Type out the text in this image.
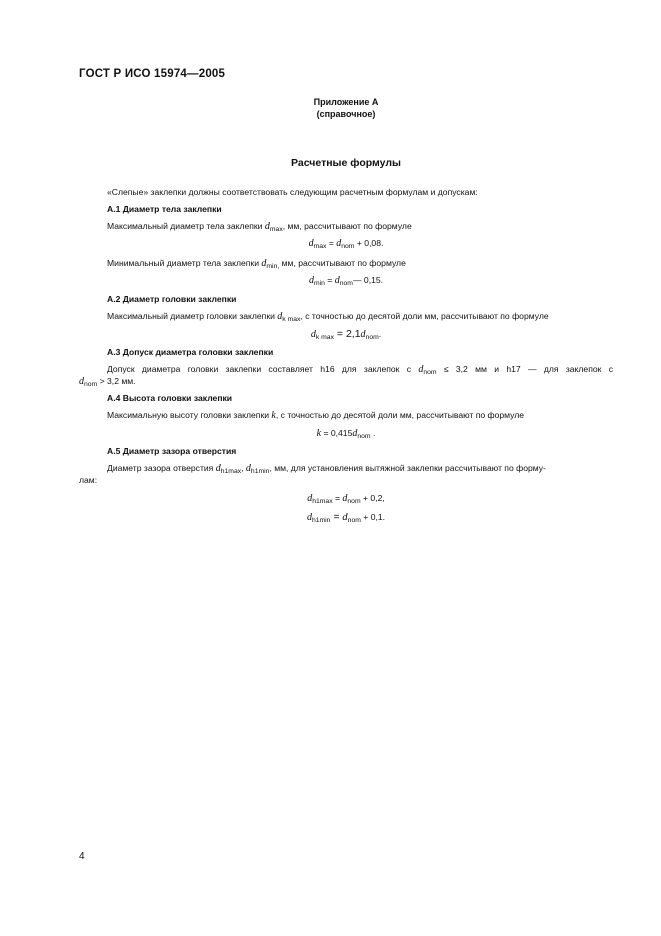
ГОСТ Р ИСО 15974—2005
Приложение А
(справочное)
Расчетные формулы
«Слепые» заклепки должны соответствовать следующим расчетным формулам и допускам:
А.1 Диаметр тела заклепки
Максимальный диаметр тела заклепки $d_{max}$, мм, рассчитывают по формуле
$d_{max} = d_{nom} + 0,08$.
Минимальный диаметр тела заклепки $d_{min,}$ мм, рассчитывают по формуле
$d_{min}$ = $d_{nom}—$ 0,15.
А.2 Диаметр головки заклепки
Максимальный диаметр головки заклепки $d_{k max}$, с точностью до десятой доли мм, рассчитывают по формуле
$d_{k max} = 2,1d_{nom}$.
А.3 Допуск диаметра головки заклепки
Допуск диаметра головки заклепки составляет h16 для заклепок с $d_{nom} \le 3,2$ мм и h17 — для заклепок с
$d_{nom} > 3,2$ мм.
А.4 Высота головки заклепки
Максимальную высоту головки заклепки k, с точностью до десятой доли мм, рассчитывают по формуле
$k = 0,415d_{nom}$ .
А.5 Диаметр зазора отверстия
Диаметр зазора отверстия $d_{h1max}$, $d_{h1min}$, мм, для установления вытяжной заклепки рассчитывают по форму-
лам:
$d_{h1max} = d_{nom} + 0,2$,
$d_{h1min} = d_{nom} + 0,1$.
4
